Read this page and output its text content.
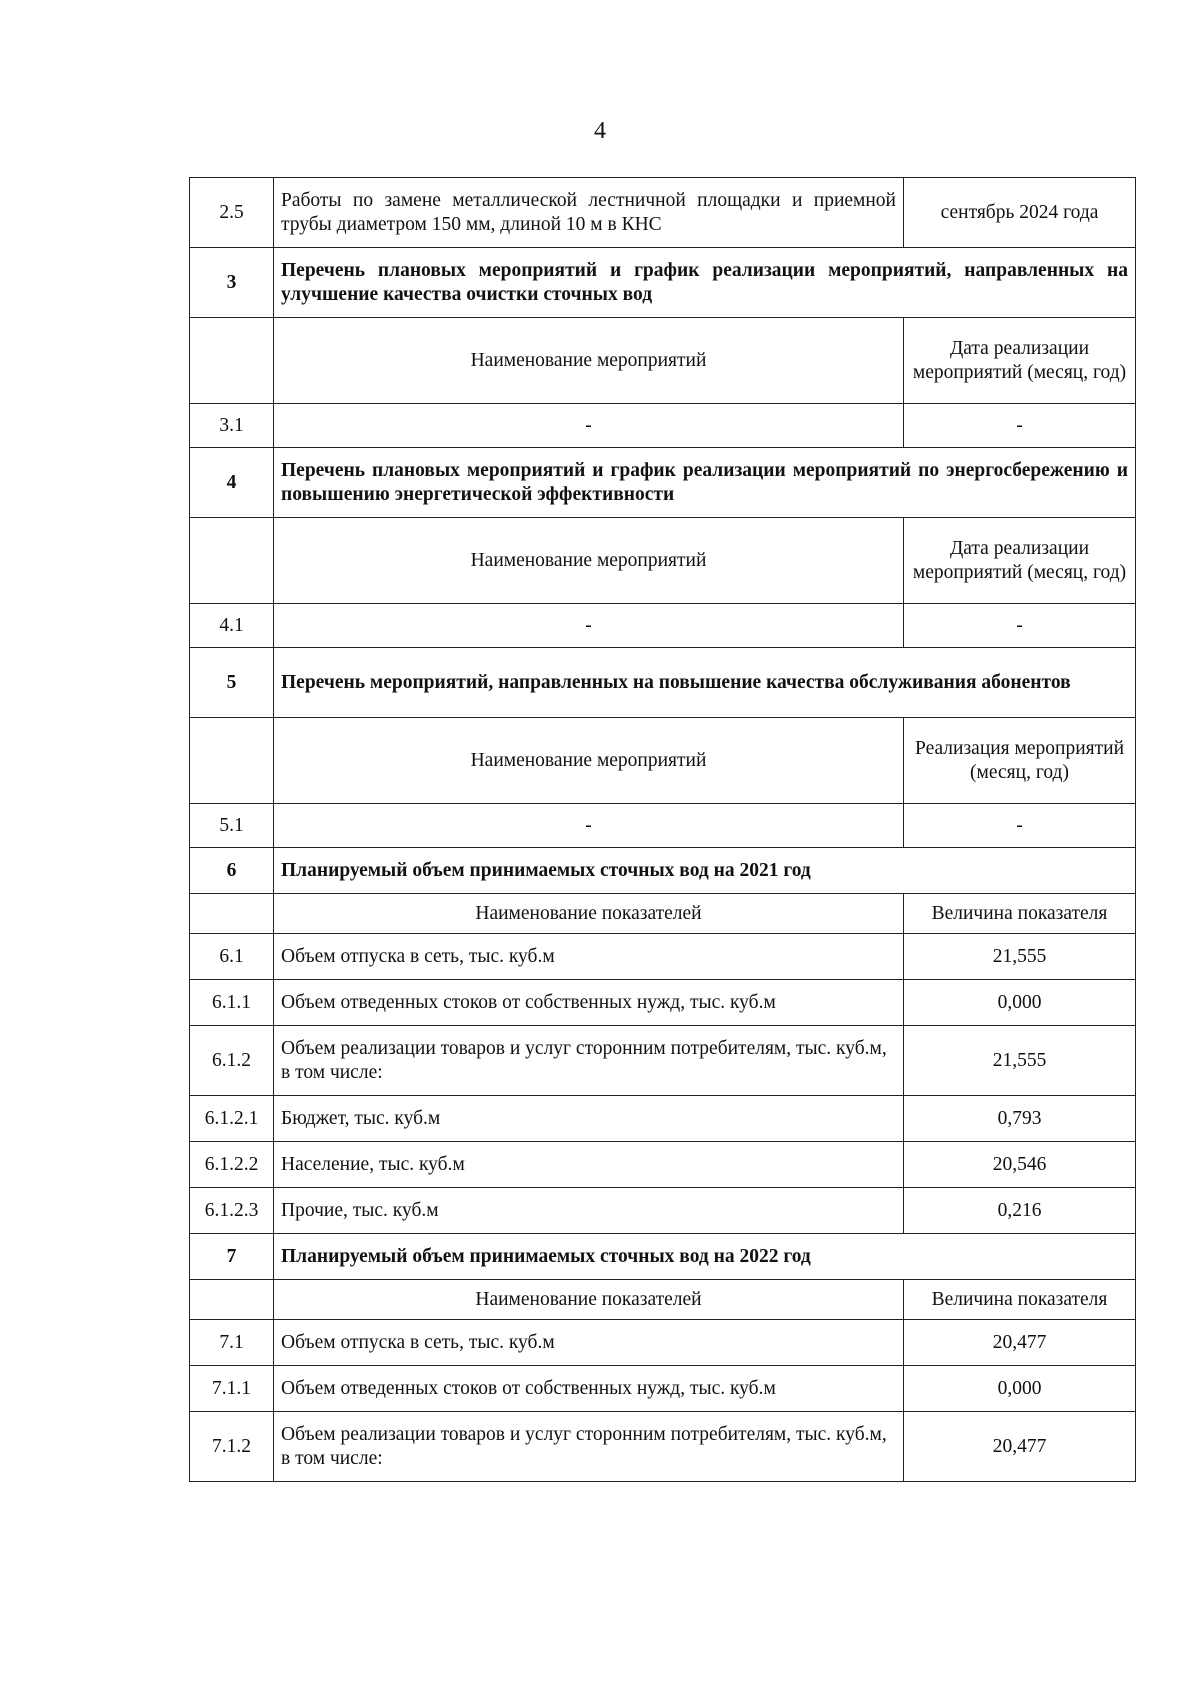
4
2.5	Работы по замене металлической лестничной площадки и приемной трубы диаметром 150 мм, длиной 10 м в КНС	сентябрь 2024 года
3	Перечень плановых мероприятий и график реализации мероприятий, направленных на улучшение качества очистки сточных вод	
	Наименование мероприятий	Дата реализации мероприятий (месяц, год)
3.1	-	-
4	Перечень плановых мероприятий и график реализации мероприятий по энергосбережению и повышению энергетической эффективности	
	Наименование мероприятий	Дата реализации мероприятий (месяц, год)
4.1	-	-
5	Перечень мероприятий, направленных на повышение качества обслуживания абонентов	
	Наименование мероприятий	Реализация мероприятий (месяц, год)
5.1	-	-
6	Планируемый объем принимаемых сточных вод на 2021 год	
	Наименование показателей	Величина показателя
6.1	Объем отпуска в сеть, тыс. куб.м	21,555
6.1.1	Объем отведенных стоков от собственных нужд, тыс. куб.м	0,000
6.1.2	Объем реализации товаров и услуг сторонним потребителям, тыс. куб.м, в том числе:	21,555
6.1.2.1	Бюджет, тыс. куб.м	0,793
6.1.2.2	Население, тыс. куб.м	20,546
6.1.2.3	Прочие, тыс. куб.м	0,216
7	Планируемый объем принимаемых сточных вод на 2022 год	
	Наименование показателей	Величина показателя
7.1	Объем отпуска в сеть, тыс. куб.м	20,477
7.1.1	Объем отведенных стоков от собственных нужд, тыс. куб.м	0,000
7.1.2	Объем реализации товаров и услуг сторонним потребителям, тыс. куб.м, в том числе:	20,477
